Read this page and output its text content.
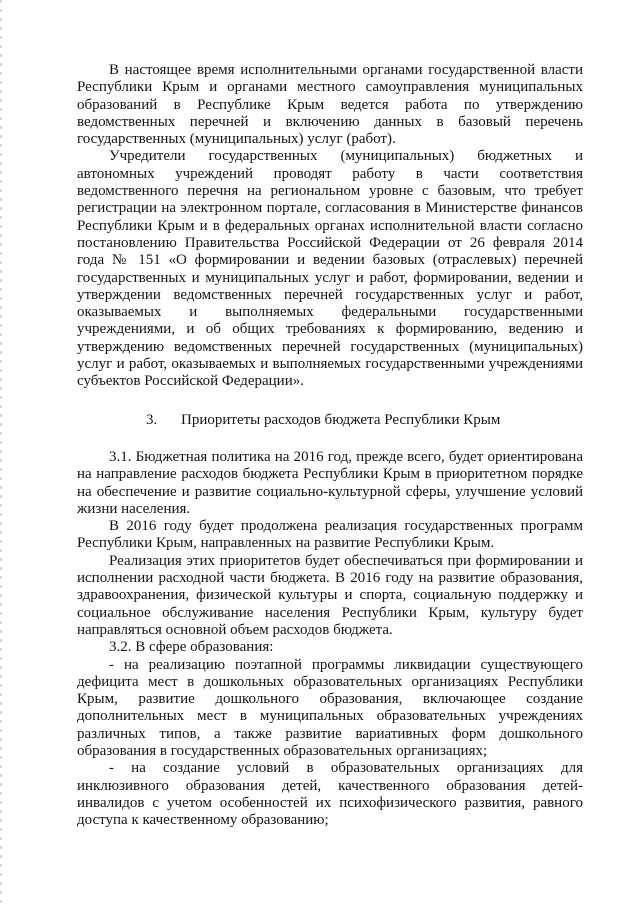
В настоящее время исполнительными органами государственной власти Республики Крым и органами местного самоуправления муниципальных образований в Республике Крым ведется работа по утверждению ведомственных перечней и включению данных в базовый перечень государственных (муниципальных) услуг (работ).

Учредители государственных (муниципальных) бюджетных и автономных учреждений проводят работу в части соответствия ведомственного перечня на региональном уровне с базовым, что требует регистрации на электронном портале, согласования в Министерстве финансов Республики Крым и в федеральных органах исполнительной власти согласно постановлению Правительства Российской Федерации от 26 февраля 2014 года № 151 «О формировании и ведении базовых (отраслевых) перечней государственных и муниципальных услуг и работ, формировании, ведении и утверждении ведомственных перечней государственных услуг и работ, оказываемых и выполняемых федеральными государственными учреждениями, и об общих требованиях к формированию, ведению и утверждению ведомственных перечней государственных (муниципальных) услуг и работ, оказываемых и выполняемых государственными учреждениями субъектов Российской Федерации».

3. Приоритеты расходов бюджета Республики Крым

3.1. Бюджетная политика на 2016 год, прежде всего, будет ориентирована на направление расходов бюджета Республики Крым в приоритетном порядке на обеспечение и развитие социально-культурной сферы, улучшение условий жизни населения.

В 2016 году будет продолжена реализация государственных программ Республики Крым, направленных на развитие Республики Крым.

Реализация этих приоритетов будет обеспечиваться при формировании и исполнении расходной части бюджета. В 2016 году на развитие образования, здравоохранения, физической культуры и спорта, социальную поддержку и социальное обслуживание населения Республики Крым, культуру будет направляться основной объем расходов бюджета.

3.2. В сфере образования:

- на реализацию поэтапной программы ликвидации существующего дефицита мест в дошкольных образовательных организациях Республики Крым, развитие дошкольного образования, включающее создание дополнительных мест в муниципальных образовательных учреждениях различных типов, а также развитие вариативных форм дошкольного образования в государственных образовательных организациях;

- на создание условий в образовательных организациях для инклюзивного образования детей, качественного образования детей-инвалидов с учетом особенностей их психофизического развития, равного доступа к качественному образованию;
